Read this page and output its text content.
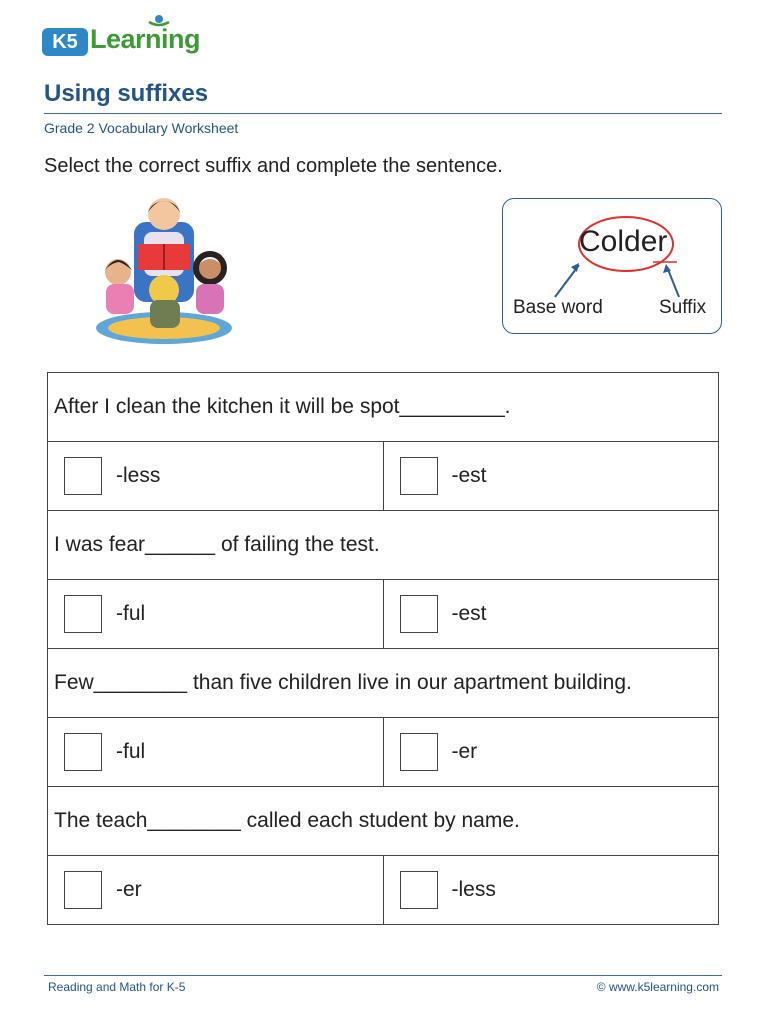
K5 Learning
Using suffixes
Grade 2 Vocabulary Worksheet
Select the correct suffix and complete the sentence.
Colder
Base word	Suffix
After I clean the kitchen it will be spot_________.	

-less	-est

I was fear______ of failing the test.	

-ful	-est

Few________ than five children live in our apartment building.	

-ful	-er

The teach________ called each student by name.	

-er	-less
Reading and Math for K-5	© www.k5learning.com
